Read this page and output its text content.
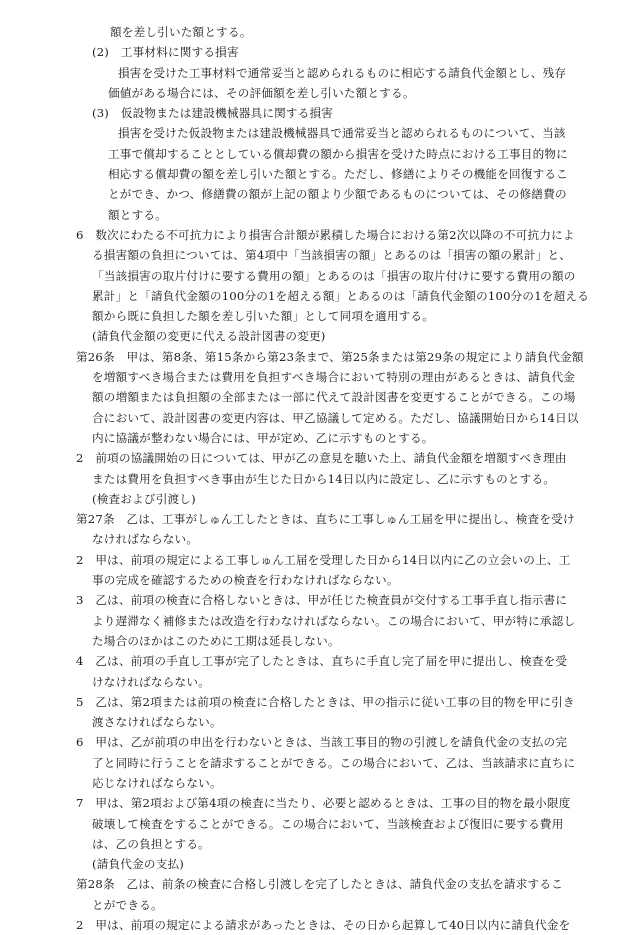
額を差し引いた額とする。
(2)　工事材料に関する損害
損害を受けた工事材料で通常妥当と認められるものに相応する請負代金額とし、残存
価値がある場合には、その評価額を差し引いた額とする。
(3)　仮設物または建設機械器具に関する損害
損害を受けた仮設物または建設機械器具で通常妥当と認められるものについて、当該
工事で償却することとしている償却費の額から損害を受けた時点における工事目的物に
相応する償却費の額を差し引いた額とする。ただし、修繕によりその機能を回復するこ
とができ、かつ、修繕費の額が上記の額より少額であるものについては、その修繕費の
額とする。
6　数次にわたる不可抗力により損害合計額が累積した場合における第2次以降の不可抗力によ
る損害額の負担については、第4項中「当該損害の額」とあるのは「損害の額の累計」と、
「当該損害の取片付けに要する費用の額」とあるのは「損害の取片付けに要する費用の額の
累計」と「請負代金額の100分の1を超える額」とあるのは「請負代金額の100分の1を超える
額から既に負担した額を差し引いた額」として同項を適用する。
(請負代金額の変更に代える設計図書の変更)
第26条　甲は、第8条、第15条から第23条まで、第25条または第29条の規定により請負代金額
を増額すべき場合または費用を負担すべき場合において特別の理由があるときは、請負代金
額の増額または負担額の全部または一部に代えて設計図書を変更することができる。この場
合において、設計図書の変更内容は、甲乙協議して定める。ただし、協議開始日から14日以
内に協議が整わない場合には、甲が定め、乙に示すものとする。
2　前項の協議開始の日については、甲が乙の意見を聴いた上、請負代金額を増額すべき理由
または費用を負担すべき事由が生じた日から14日以内に設定し、乙に示すものとする。
(検査および引渡し)
第27条　乙は、工事がしゅん工したときは、直ちに工事しゅん工届を甲に提出し、検査を受け
なければならない。
2　甲は、前項の規定による工事しゅん工届を受理した日から14日以内に乙の立会いの上、工
事の完成を確認するための検査を行わなければならない。
3　乙は、前項の検査に合格しないときは、甲が任じた検査員が交付する工事手直し指示書に
より遅滞なく補修または改造を行わなければならない。この場合において、甲が特に承認し
た場合のほかはこのために工期は延長しない。
4　乙は、前項の手直し工事が完了したときは、直ちに手直し完了届を甲に提出し、検査を受
けなければならない。
5　乙は、第2項または前項の検査に合格したときは、甲の指示に従い工事の目的物を甲に引き
渡さなければならない。
6　甲は、乙が前項の申出を行わないときは、当該工事目的物の引渡しを請負代金の支払の完
了と同時に行うことを請求することができる。この場合において、乙は、当該請求に直ちに
応じなければならない。
7　甲は、第2項および第4項の検査に当たり、必要と認めるときは、工事の目的物を最小限度
破壊して検査をすることができる。この場合において、当該検査および復旧に要する費用
は、乙の負担とする。
(請負代金の支払)
第28条　乙は、前条の検査に合格し引渡しを完了したときは、請負代金の支払を請求するこ
とができる。
2　甲は、前項の規定による請求があったときは、その日から起算して40日以内に請負代金を
